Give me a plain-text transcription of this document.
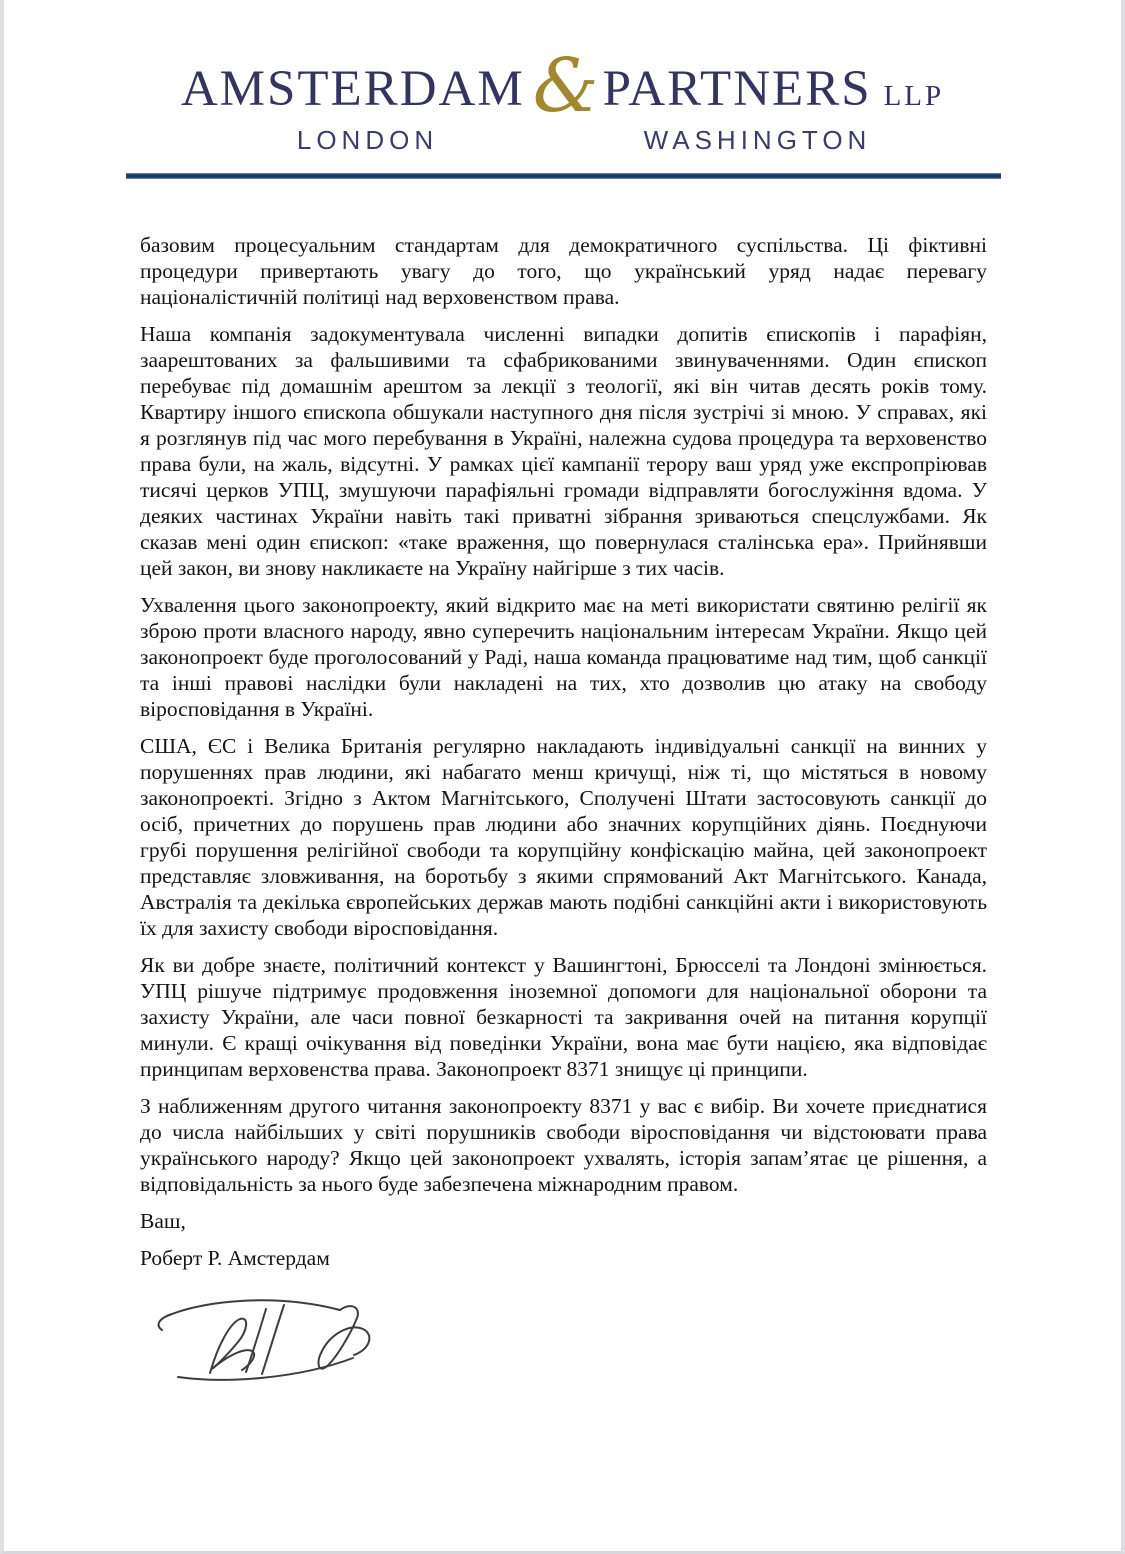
AMSTERDAM & PARTNERS LLP
LONDON	WASHINGTON

базовим процесуальним стандартам для демократичного суспільства. Ці фіктивні процедури привертають увагу до того, що український уряд надає перевагу націоналістичній політиці над верховенством права.

Наша компанія задокументувала численні випадки допитів єпископів і парафіян, заарештованих за фальшивими та сфабрикованими звинуваченнями. Один єпископ перебуває під домашнім арештом за лекції з теології, які він читав десять років тому. Квартиру іншого єпископа обшукали наступного дня після зустрічі зі мною. У справах, які я розглянув під час мого перебування в Україні, належна судова процедура та верховенство права були, на жаль, відсутні. У рамках цієї кампанії терору ваш уряд уже експропріював тисячі церков УПЦ, змушуючи парафіяльні громади відправляти богослужіння вдома. У деяких частинах України навіть такі приватні зібрання зриваються спецслужбами. Як сказав мені один єпископ: «таке враження, що повернулася сталінська ера». Прийнявши цей закон, ви знову накликаєте на Україну найгірше з тих часів.

Ухвалення цього законопроекту, який відкрито має на меті використати святиню релігії як зброю проти власного народу, явно суперечить національним інтересам України. Якщо цей законопроект буде проголосований у Раді, наша команда працюватиме над тим, щоб санкції та інші правові наслідки були накладені на тих, хто дозволив цю атаку на свободу віросповідання в Україні.

США, ЄС і Велика Британія регулярно накладають індивідуальні санкції на винних у порушеннях прав людини, які набагато менш кричущі, ніж ті, що містяться в новому законопроекті. Згідно з Актом Магнітського, Сполучені Штати застосовують санкції до осіб, причетних до порушень прав людини або значних корупційних діянь. Поєднуючи грубі порушення релігійної свободи та корупційну конфіскацію майна, цей законопроект представляє зловживання, на боротьбу з якими спрямований Акт Магнітського. Канада, Австралія та декілька європейських держав мають подібні санкційні акти і використовують їх для захисту свободи віросповідання.

Як ви добре знаєте, політичний контекст у Вашингтоні, Брюсселі та Лондоні змінюється. УПЦ рішуче підтримує продовження іноземної допомоги для національної оборони та захисту України, але часи повної безкарності та закривання очей на питання корупції минули. Є кращі очікування від поведінки України, вона має бути нацією, яка відповідає принципам верховенства права. Законопроект 8371 знищує ці принципи.

З наближенням другого читання законопроекту 8371 у вас є вибір. Ви хочете приєднатися до числа найбільших у світі порушників свободи віросповідання чи відстоювати права українського народу? Якщо цей законопроект ухвалять, історія запам’ятає це рішення, а відповідальність за нього буде забезпечена міжнародним правом.

Ваш,

Роберт Р. Амстердам
